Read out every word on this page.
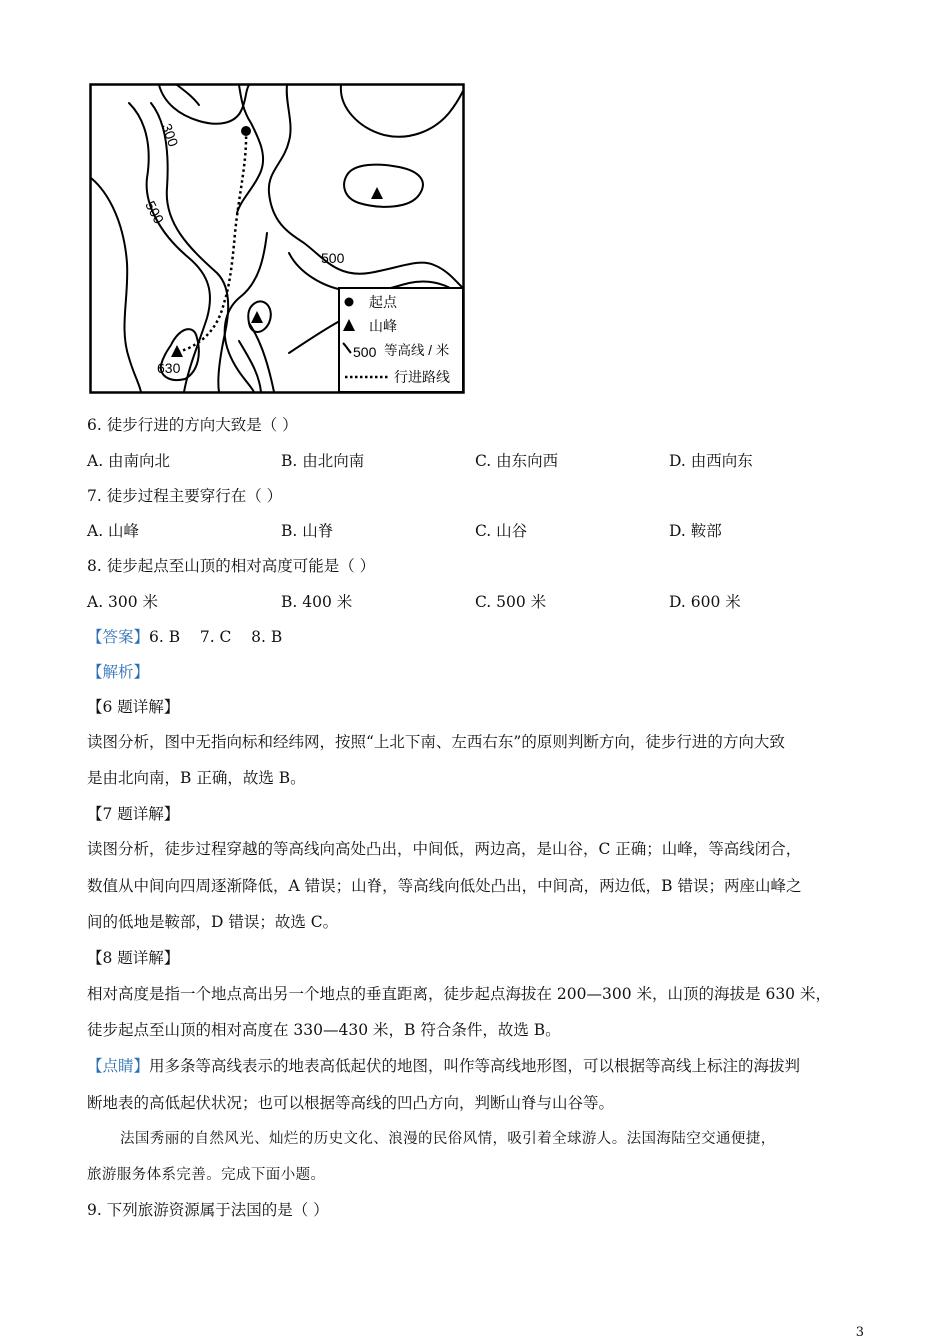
300
500
500
630
起点
山峰
500 等高线 / 米
行进路线
6. 徒步行进的方向大致是（ ）
A. 由南向北	B. 由北向南	C. 由东向西	D. 由西向东
7. 徒步过程主要穿行在（ ）
A. 山峰	B. 山脊	C. 山谷	D. 鞍部
8. 徒步起点至山顶的相对高度可能是（ ）
A. 300 米	B. 400 米	C. 500 米	D. 600 米
【答案】6. B    7. C    8. B
【解析】
【6 题详解】
读图分析，图中无指向标和经纬网，按照“上北下南、左西右东”的原则判断方向，徒步行进的方向大致
是由北向南，B 正确，故选 B。
【7 题详解】
读图分析，徒步过程穿越的等高线向高处凸出，中间低，两边高，是山谷，C 正确；山峰，等高线闭合，
数值从中间向四周逐渐降低，A 错误；山脊，等高线向低处凸出，中间高，两边低，B 错误；两座山峰之
间的低地是鞍部，D 错误；故选 C。
【8 题详解】
相对高度是指一个地点高出另一个地点的垂直距离，徒步起点海拔在 200—300 米，山顶的海拔是 630 米，
徒步起点至山顶的相对高度在 330—430 米，B 符合条件，故选 B。
【点睛】用多条等高线表示的地表高低起伏的地图，叫作等高线地形图，可以根据等高线上标注的海拔判
断地表的高低起伏状况；也可以根据等高线的凹凸方向，判断山脊与山谷等。
法国秀丽的自然风光、灿烂的历史文化、浪漫的民俗风情，吸引着全球游人。法国海陆空交通便捷，
旅游服务体系完善。完成下面小题。
9. 下列旅游资源属于法国的是（ ）
3
